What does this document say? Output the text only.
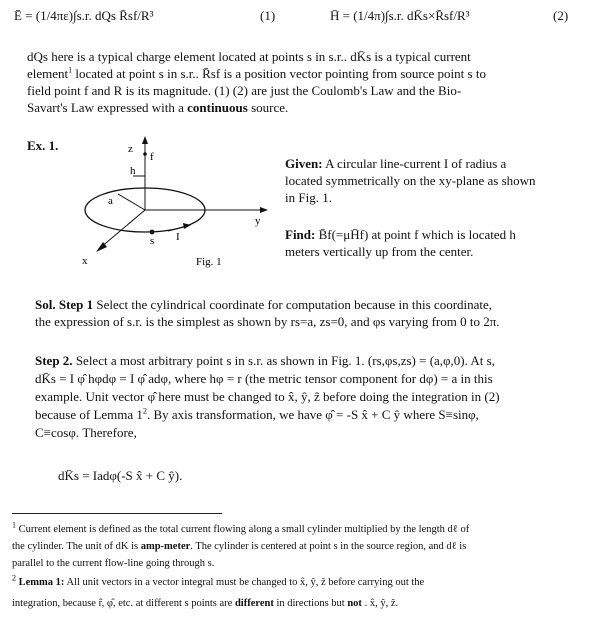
Ē = (1/4πε)∫s.r. dQs R̄sf/R³	(1)	H̄ = (1/4π)∫s.r. dK̄s×R̄sf/R³	(2)
dQs here is a typical charge element located at points s in s.r.. dK̄s is a typical current
element$^1$ located at point s in s.r.. R̄sf is a position vector pointing from source point s to
field point f and R is its magnitude. (1) (2) are just the Coulomb's Law and the Bio-
Savart's Law expressed with a continuous source.
Ex. 1.	z
f
h
y
x
a
s I
Fig. 1
Given: A circular line-current I of radius a
located symmetrically on the xy-plane as shown
in Fig. 1.
Find: B̄f(=μH̄f) at point f which is located h
meters vertically up from the center.
Sol. Step 1 Select the cylindrical coordinate for computation because in this coordinate,
the expression of s.r. is the simplest as shown by rs=a, zs=0, and φs varying from 0 to 2π.
Step 2. Select a most arbitrary point s in s.r. as shown in Fig. 1. (rs,φs,zs) = (a,φ,0). At s,
dK̄s = I φ̂ hφdφ = I φ̂ adφ, where hφ = r (the metric tensor component for dφ) = a in this
example. Unit vector φ̂ here must be changed to x̂, ŷ, ẑ before doing the integration in (2)
because of Lemma 1$^2$. By axis transformation, we have φ̂ = -S x̂ + C ŷ where S≡sinφ,
C≡cosφ. Therefore,
dK̄s = Iadφ(-S x̂ + C ŷ).
$^1$ Current element is defined as the total current flowing along a small cylinder multiplied by the length dℓ of
the cylinder. The unit of dK is amp-meter. The cylinder is centered at point s in the source region, and dℓ is
parallel to the current flow-line going through s.
$^2$ Lemma 1: All unit vectors in a vector integral must be changed to x̂, ŷ, ẑ before carrying out the
integration, because r̂, φ̂, etc. at different s points are different in directions but not . x̂, ŷ, ẑ.
